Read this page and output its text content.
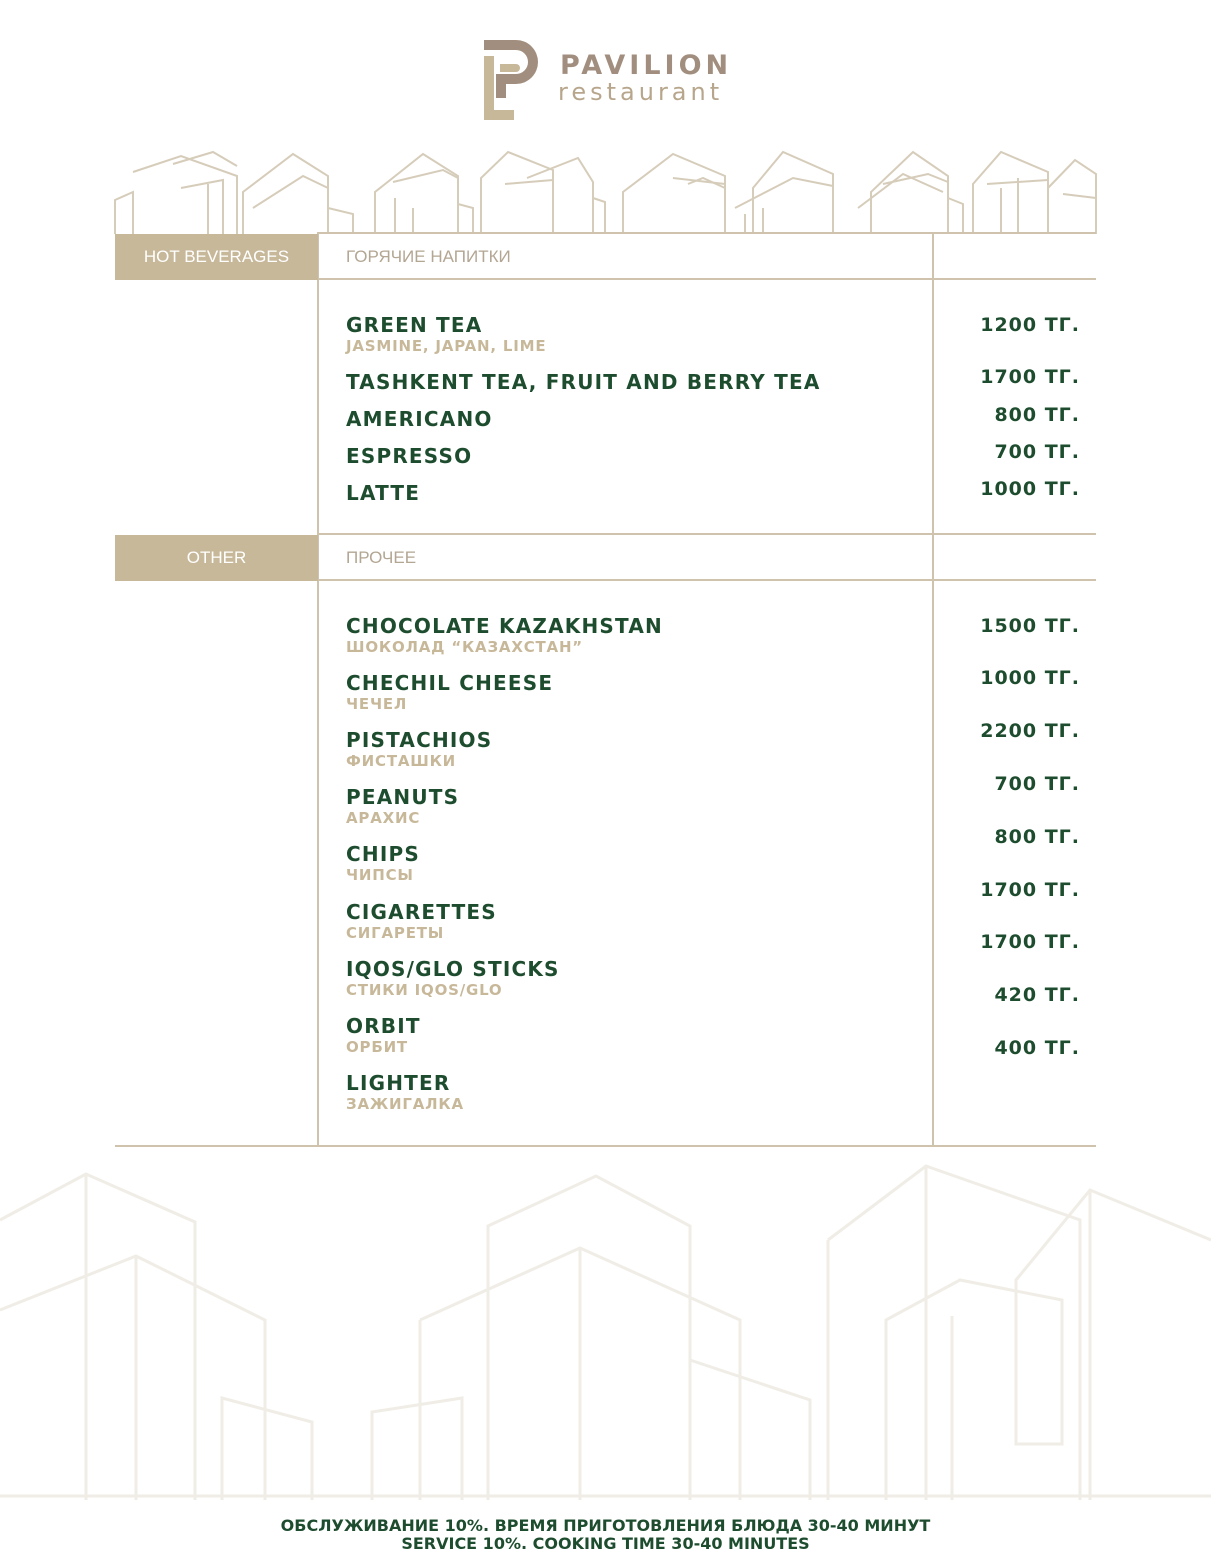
PAVILION
restaurant
HOT BEVERAGES	ГОРЯЧИЕ НАПИТКИ
GREEN TEA
JASMINE, JAPAN, LIME
TASHKENT TEA, FRUIT AND BERRY TEA
AMERICANO
ESPRESSO
LATTE
1200 ТГ.
1700 ТГ.
800 ТГ.
700 ТГ.
1000 ТГ.
OTHER	ПРОЧЕЕ
CHOCOLATE KAZAKHSTAN
ШОКОЛАД “КАЗАХСТАН”
CHECHIL CHEESE
ЧЕЧЕЛ
PISTACHIOS
ФИСТАШКИ
PEANUTS
АРАХИС
CHIPS
ЧИПСЫ
CIGARETTES
СИГАРЕТЫ
IQOS/GLO STICKS
СТИКИ IQOS/GLO
ORBIT
ОРБИТ
LIGHTER
ЗАЖИГАЛКА
1500 ТГ.
1000 ТГ.
2200 ТГ.
700 ТГ.
800 ТГ.
1700 ТГ.
1700 ТГ.
420 ТГ.
400 ТГ.
ОБСЛУЖИВАНИЕ 10%. ВРЕМЯ ПРИГОТОВЛЕНИЯ БЛЮДА 30-40 МИНУТ
SERVICE 10%. COOKING TIME 30-40 MINUTES
